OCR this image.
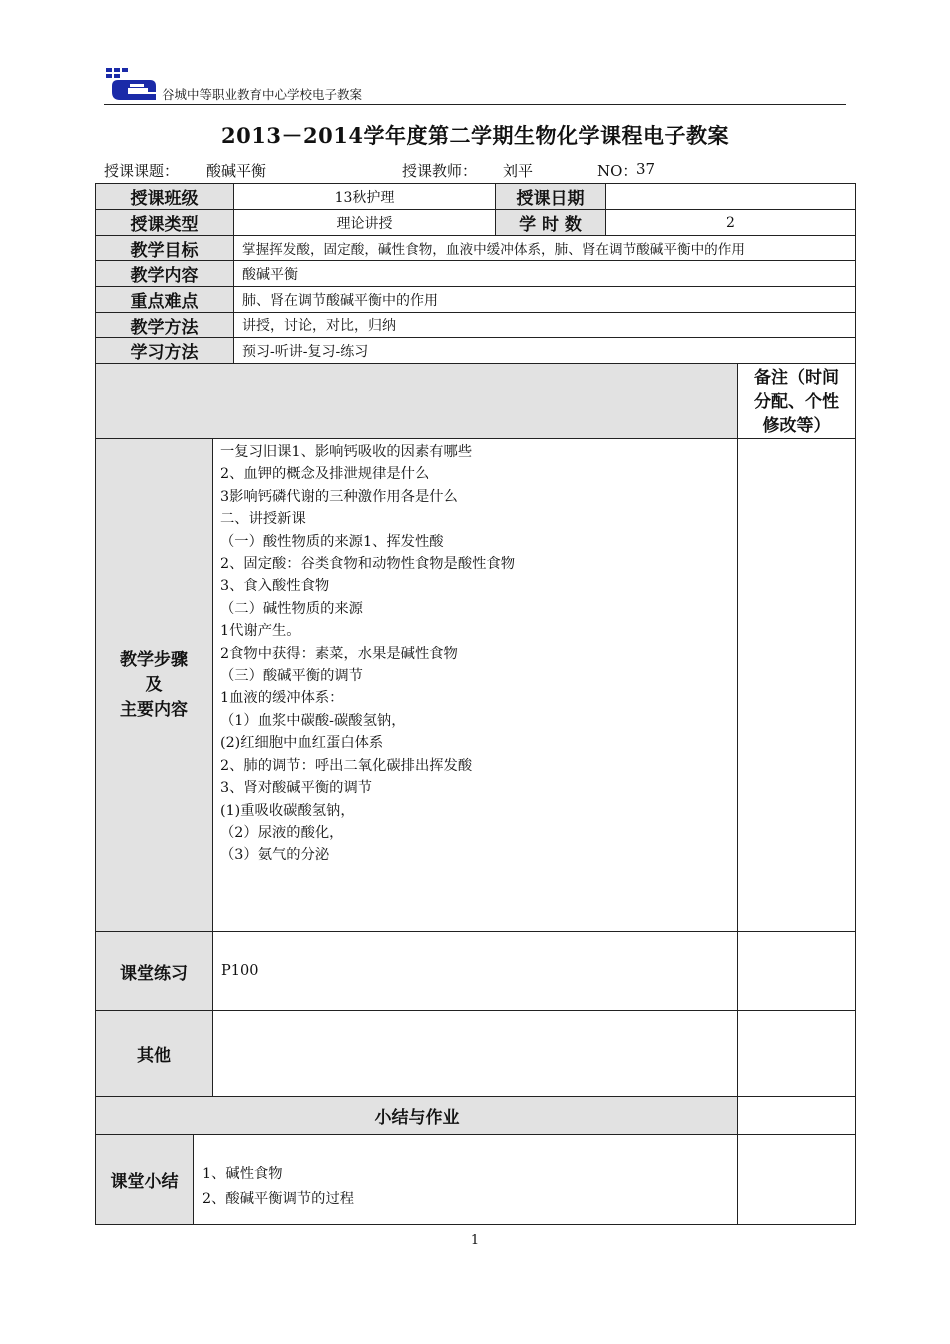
谷城中等职业教育中心学校电子教案
2013－2014学年度第二学期生物化学课程电子教案
授课课题： 酸碱平衡	授课教师： 刘平	NO：
37
授课班级	13秋护理	授课日期
授课类型	理论讲授	学 时 数	2
教学目标	掌握挥发酸，固定酸，碱性食物，血液中缓冲体系，肺、肾在调节酸碱平衡中的作用
教学内容	酸碱平衡
重点难点	肺、肾在调节酸碱平衡中的作用
教学方法	讲授，讨论，对比，归纳
学习方法	预习-听讲-复习-练习
备注（时间
分配、个性
修改等）
教学步骤
及
主要内容
一复习旧课1、影响钙吸收的因素有哪些
2、血钾的概念及排泄规律是什么
3影响钙磷代谢的三种激作用各是什么
二、讲授新课
（一）酸性物质的来源1、挥发性酸
2、固定酸：谷类食物和动物性食物是酸性食物
3、食入酸性食物
（二）碱性物质的来源
1代谢产生。
2食物中获得：素菜，水果是碱性食物
（三）酸碱平衡的调节
1血液的缓冲体系：
（1）血浆中碳酸-碳酸氢钠，
(2)红细胞中血红蛋白体系
2、肺的调节：呼出二氧化碳排出挥发酸
3、肾对酸碱平衡的调节
(1)重吸收碳酸氢钠，
（2）尿液的酸化，
（3）氨气的分泌
课堂练习	P100
其他
小结与作业
课堂小结	1、碱性食物
2、酸碱平衡调节的过程
1
